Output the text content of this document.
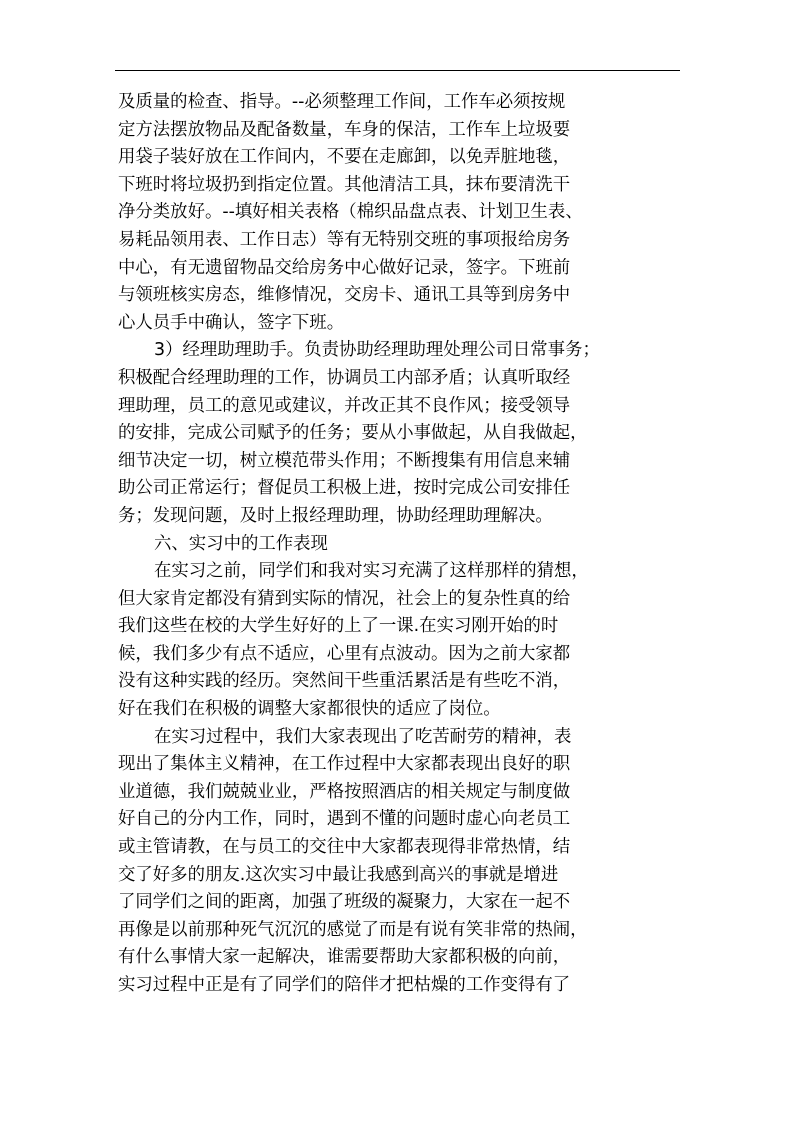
及质量的检查、指导。--必须整理工作间，工作车必须按规
定方法摆放物品及配备数量，车身的保洁，工作车上垃圾要
用袋子装好放在工作间内，不要在走廊卸，以免弄脏地毯，
下班时将垃圾扔到指定位置。其他清洁工具，抹布要清洗干
净分类放好。--填好相关表格（棉织品盘点表、计划卫生表、
易耗品领用表、工作日志）等有无特别交班的事项报给房务
中心，有无遗留物品交给房务中心做好记录，签字。下班前
与领班核实房态，维修情况，交房卡、通讯工具等到房务中
心人员手中确认，签字下班。
3）经理助理助手。负责协助经理助理处理公司日常事务；
积极配合经理助理的工作，协调员工内部矛盾；认真听取经
理助理，员工的意见或建议，并改正其不良作风；接受领导
的安排，完成公司赋予的任务；要从小事做起，从自我做起，
细节决定一切，树立模范带头作用；不断搜集有用信息来辅
助公司正常运行；督促员工积极上进，按时完成公司安排任
务；发现问题，及时上报经理助理，协助经理助理解决。
六、实习中的工作表现
在实习之前，同学们和我对实习充满了这样那样的猜想，
但大家肯定都没有猜到实际的情况，社会上的复杂性真的给
我们这些在校的大学生好好的上了一课.在实习刚开始的时
候，我们多少有点不适应，心里有点波动。因为之前大家都
没有这种实践的经历。突然间干些重活累活是有些吃不消，
好在我们在积极的调整大家都很快的适应了岗位。
在实习过程中，我们大家表现出了吃苦耐劳的精神，表
现出了集体主义精神，在工作过程中大家都表现出良好的职
业道德，我们兢兢业业，严格按照酒店的相关规定与制度做
好自己的分内工作，同时，遇到不懂的问题时虚心向老员工
或主管请教，在与员工的交往中大家都表现得非常热情，结
交了好多的朋友.这次实习中最让我感到高兴的事就是增进
了同学们之间的距离，加强了班级的凝聚力，大家在一起不
再像是以前那种死气沉沉的感觉了而是有说有笑非常的热闹，
有什么事情大家一起解决，谁需要帮助大家都积极的向前，
实习过程中正是有了同学们的陪伴才把枯燥的工作变得有了
